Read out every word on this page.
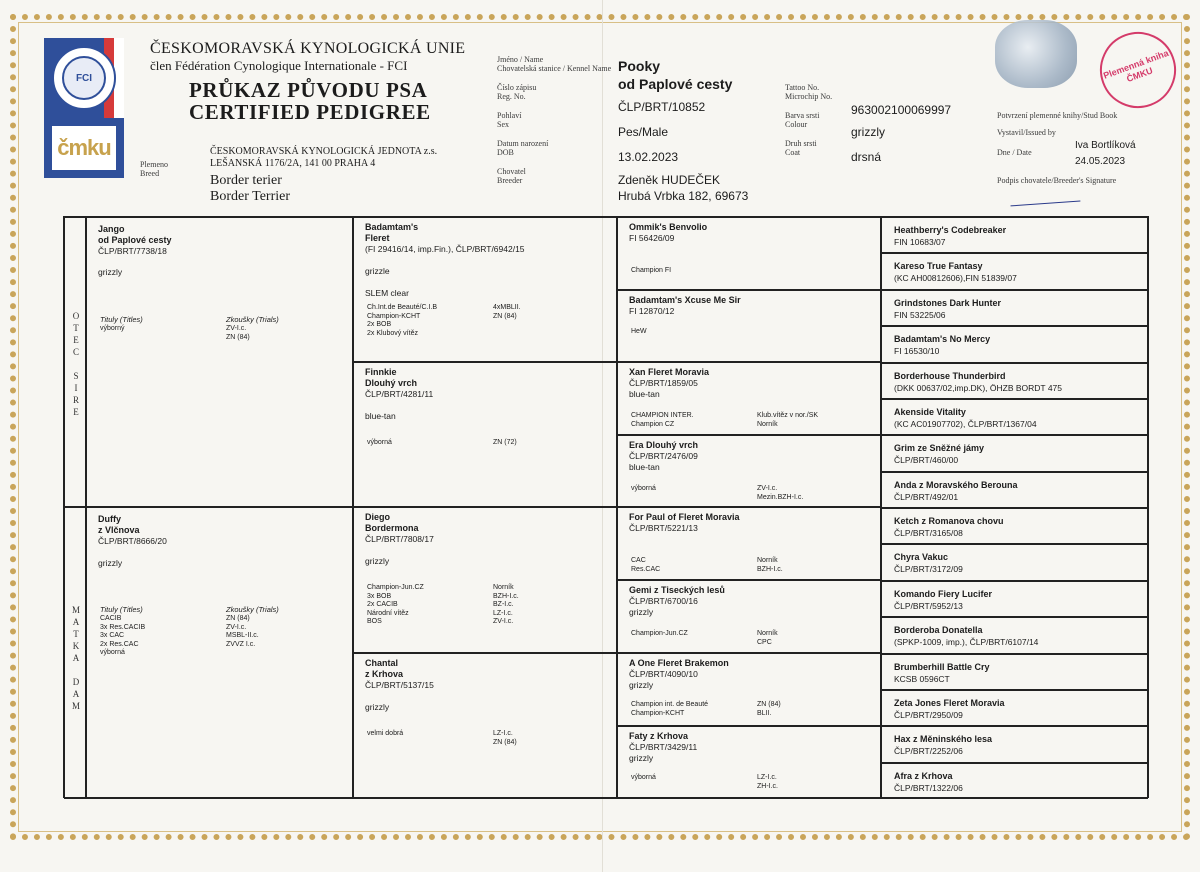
FCI
čmku
ČESKOMORAVSKÁ KYNOLOGICKÁ UNIE
člen Fédération Cynologique Internationale - FCI
PRŮKAZ PŮVODU PSA
CERTIFIED PEDIGREE
Plemeno
Breed
ČESKOMORAVSKÁ KYNOLOGICKÁ JEDNOTA z.s.
LEŠANSKÁ 1176/2A, 141 00 PRAHA 4
Border terier
Border Terrier
Jméno / Name
Chovatelská stanice / Kennel Name Pooky
od Paplové cesty
Číslo zápisu
Reg. No.
ČLP/BRT/10852
Pohlaví
Sex
Pes/Male
Datum narození
DOB	13.02.2023
Chovatel
Breeder	Zdeněk HUDEČEK
Hrubá Vrbka 182, 69673
Tattoo No.
Microchip No.
963002100069997
Barva srsti
Colour
grizzly
Druh srsti
Coat	drsná
Plemenná kniha ČMKU
Potvrzení plemenné knihy/Stud Book
Vystavil/Issued by
Iva Bortlíková
Dne / Date
24.05.2023
Podpis chovatele/Breeder's Signature
O
T
E
C

S
I
R
E
M
A
T
K
A

D
A
M
Jango
od Paplové cesty
ČLP/BRT/7738/18
grizzly
Tituly (Titles)
výborný
Zkoušky (Trials)
ZV-I.c.
ZN (84)
Duffy
z Vlčnova
ČLP/BRT/8666/20
grizzly
Tituly (Titles)
CACIB
3x Res.CACIB
3x CAC
2x Res.CAC
výborná
Zkoušky (Trials)
ZN (84)
ZV-I.c.
MSBL-II.c.
ZVVZ I.c.
Badamtam's
Fleret
(FI 29416/14, imp.Fin.), ČLP/BRT/6942/15
grizzle
SLEM clear
Ch.Int.de Beauté/C.I.B
Champion-KCHT
2x BOB
2x Klubový vítěz
4xMBLII.
ZN (84)
Finnkie
Dlouhý vrch
ČLP/BRT/4281/11
blue-tan
výborná	ZN (72)
Diego
Bordermona
ČLP/BRT/7808/17
grizzly
Champion-Jun.CZ
3x BOB
2x CACIB
Národní vítěz
BOS
Norník
BZH-I.c.
BZ-I.c.
LZ-I.c.
ZV-I.c.
Chantal
z Krhova
ČLP/BRT/5137/15
grizzly
velmi dobrá	LZ-I.c.
ZN (84)
Ommik's Benvolio
FI 56426/09
Champion FI
Badamtam's Xcuse Me Sir
FI 12870/12
HeW
Xan Fleret Moravia
ČLP/BRT/1859/05
blue-tan
CHAMPION INTER.
Champion CZ
Klub.vítěz v nor./SK
Norník
Era Dlouhý vrch
ČLP/BRT/2476/09
blue-tan
výborná	ZV-I.c.
Mezin.BZH-I.c.
For Paul of Fleret Moravia
ČLP/BRT/5221/13
CAC
Res.CAC
Norník
BZH-I.c.
Gemi z Tiseckých lesů
ČLP/BRT/6700/16
grizzly
Champion-Jun.CZ	Norník
CPC
A One Fleret Brakemon
ČLP/BRT/4090/10
grizzly
Champion int. de Beauté
Champion-KCHT
ZN (84)
BLII.
Faty z Krhova
ČLP/BRT/3429/11
grizzly
výborná	LZ-I.c.
ZH-I.c.
Heathberry's Codebreaker
FIN 10683/07
Kareso True Fantasy
(KC AH00812606),FIN 51839/07
Grindstones Dark Hunter
FIN 53225/06
Badamtam's No Mercy
FI 16530/10
Borderhouse Thunderbird
(DKK 00637/02,imp.DK), ÖHZB BORDT 475
Akenside Vitality
(KC AC01907702), ČLP/BRT/1367/04
Grim ze Sněžné jámy
ČLP/BRT/460/00
Anda z Moravského Berouna
ČLP/BRT/492/01
Ketch z Romanova chovu
ČLP/BRT/3165/08
Chyra Vakuc
ČLP/BRT/3172/09
Komando Fiery Lucifer
ČLP/BRT/5952/13
Borderoba Donatella
(SPKP-1009, imp.), ČLP/BRT/6107/14
Brumberhill Battle Cry
KCSB 0596CT
Zeta Jones Fleret Moravia
ČLP/BRT/2950/09
Hax z Měninského lesa
ČLP/BRT/2252/06
Afra z Krhova
ČLP/BRT/1322/06
